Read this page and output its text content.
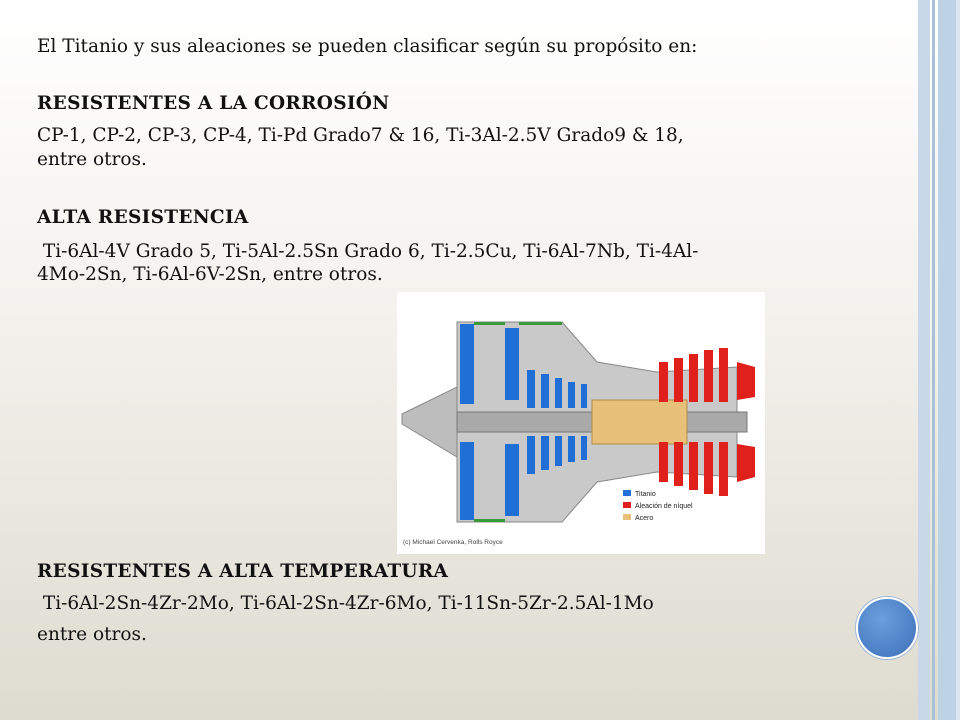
El Titanio y sus aleaciones se pueden clasificar según su propósito en:
RESISTENTES A LA CORROSIÓN
CP-1, CP-2, CP-3, CP-4, Ti-Pd Grado7 & 16, Ti-3Al-2.5V Grado9 & 18,
entre otros.
ALTA RESISTENCIA
Ti-6Al-4V Grado 5, Ti-5Al-2.5Sn Grado 6, Ti-2.5Cu, Ti-6Al-7Nb, Ti-4Al-
4Mo-2Sn, Ti-6Al-6V-2Sn, entre otros.
RESISTENTES A ALTA TEMPERATURA
Ti-6Al-2Sn-4Zr-2Mo, Ti-6Al-2Sn-4Zr-6Mo, Ti-11Sn-5Zr-2.5Al-1Mo
entre otros.
Titanio
Aleación de níquel
Acero
(c) Michael Cervenka, Rolls Royce
